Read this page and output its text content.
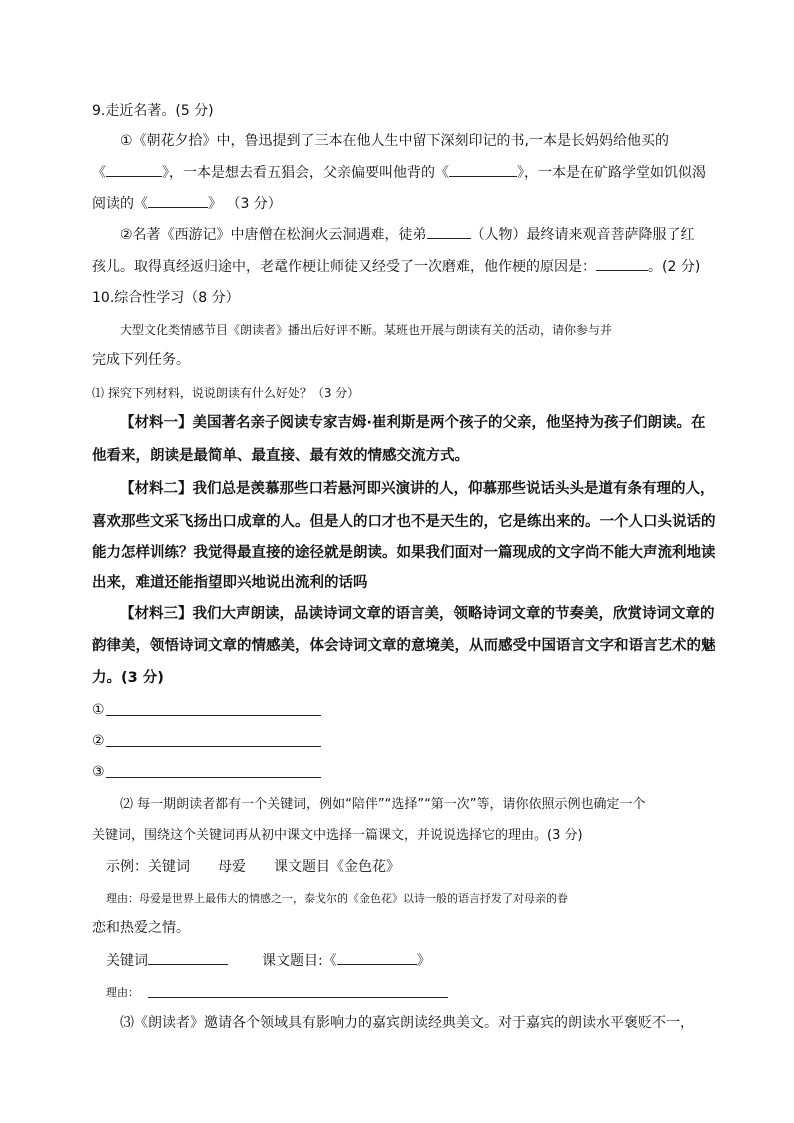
9.走近名著。(5 分)
①《朝花夕拾》中，鲁迅提到了三本在他人生中留下深刻印记的书,一本是长妈妈给他买的
《	》，一本是想去看五猖会，父亲偏要叫他背的《	》，一本是在矿路学堂如饥似渴
阅读的《	》 （3 分）
②名著《西游记》中唐僧在松涧火云洞遇难，徒弟	（人物）最终请来观音菩萨降服了红
孩儿。取得真经返归途中，老鼋作梗让师徒又经受了一次磨难，他作梗的原因是：	。(2 分)
10.综合性学习（8 分）
大型文化类情感节目《朗读者》播出后好评不断。某班也开展与朗读有关的活动，请你参与并
完成下列任务。
⑴ 探究下列材料，说说朗读有什么好处？（3 分）
【材料一】美国著名亲子阅读专家吉姆·崔利斯是两个孩子的父亲，他坚持为孩子们朗读。在
他看来，朗读是最简单、最直接、最有效的情感交流方式。
【材料二】我们总是羡慕那些口若悬河即兴演讲的人，仰慕那些说话头头是道有条有理的人，
喜欢那些文采飞扬出口成章的人。但是人的口才也不是天生的，它是练出来的。一个人口头说话的
能力怎样训练？我觉得最直接的途径就是朗读。如果我们面对一篇现成的文字尚不能大声流利地读
出来，难道还能指望即兴地说出流利的话吗
【材料三】我们大声朗读，品读诗词文章的语言美，领略诗词文章的节奏美，欣赏诗词文章的
韵律美，领悟诗词文章的情感美，体会诗词文章的意境美，从而感受中国语言文字和语言艺术的魅
力。(3 分)
①
②
③
⑵ 每一期朗读者都有一个关键词，例如“陪伴”“选择”“第一次”等，请你依照示例也确定一个
关键词，围绕这个关键词再从初中课文中选择一篇课文，并说说选择它的理由。(3 分)
示例：关键词　　母爱　　课文题目《金色花》
理由：母爱是世界上最伟大的情感之一，泰戈尔的《金色花》以诗一般的语言抒发了对母亲的眷
恋和热爱之情。
关键词	课文题目:《	》
理由：
⑶《朗读者》邀请各个领域具有影响力的嘉宾朗读经典美文。对于嘉宾的朗读水平褒贬不一，
